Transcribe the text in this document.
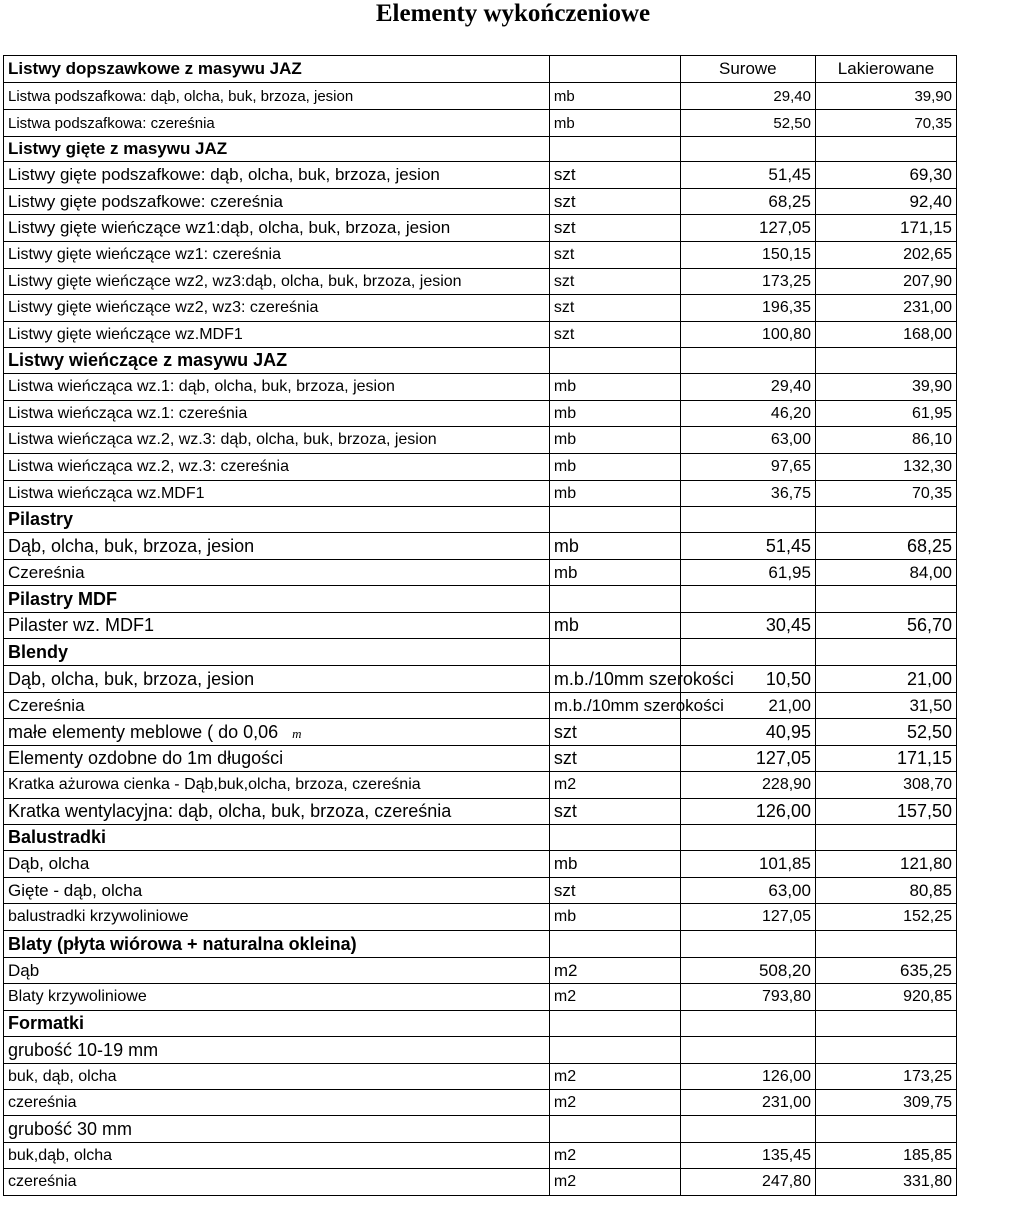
Elementy wykończeniowe
Listwy dopszawkowe z masywu JAZ		Surowe	Lakierowane
Listwa podszafkowa: dąb, olcha, buk, brzoza, jesion	mb	29,40	39,90
Listwa podszafkowa: czereśnia	mb	52,50	70,35
Listwy gięte z masywu JAZ			
Listwy gięte podszafkowe: dąb, olcha, buk, brzoza, jesion	szt	51,45	69,30
Listwy gięte podszafkowe: czereśnia	szt	68,25	92,40
Listwy gięte wieńczące wz1:dąb, olcha, buk, brzoza, jesion	szt	127,05	171,15
Listwy gięte wieńczące wz1: czereśnia	szt	150,15	202,65
Listwy gięte wieńczące wz2, wz3:dąb, olcha, buk, brzoza, jesion	szt	173,25	207,90
Listwy gięte wieńczące wz2, wz3: czereśnia	szt	196,35	231,00
Listwy gięte wieńczące wz.MDF1	szt	100,80	168,00
Listwy wieńczące z masywu JAZ			
Listwa wieńcząca wz.1: dąb, olcha, buk, brzoza, jesion	mb	29,40	39,90
Listwa wieńcząca wz.1: czereśnia	mb	46,20	61,95
Listwa wieńcząca wz.2, wz.3: dąb, olcha, buk, brzoza, jesion	mb	63,00	86,10
Listwa wieńcząca wz.2, wz.3: czereśnia	mb	97,65	132,30
Listwa wieńcząca wz.MDF1	mb	36,75	70,35
Pilastry			
Dąb, olcha, buk, brzoza, jesion	mb	51,45	68,25
Czereśnia	mb	61,95	84,00
Pilastry MDF			
Pilaster wz. MDF1	mb	30,45	56,70
Blendy			
Dąb, olcha, buk, brzoza, jesion	m.b./10mm szerokości	10,50	21,00
Czereśnia	m.b./10mm szerokości	21,00	31,50
małe elementy meblowe ( do 0,06 m	szt	40,95	52,50
Elementy ozdobne do 1m długości	szt	127,05	171,15
Kratka ażurowa cienka - Dąb,buk,olcha, brzoza, czereśnia	m2	228,90	308,70
Kratka wentylacyjna: dąb, olcha, buk, brzoza, czereśnia	szt	126,00	157,50
Balustradki			
Dąb, olcha	mb	101,85	121,80
Gięte - dąb, olcha	szt	63,00	80,85
balustradki krzywoliniowe	mb	127,05	152,25
Blaty (płyta wiórowa + naturalna okleina)			
Dąb	m2	508,20	635,25
Blaty krzywoliniowe	m2	793,80	920,85
Formatki			
grubość 10-19 mm			
buk, dąb, olcha	m2	126,00	173,25
czereśnia	m2	231,00	309,75
grubość 30 mm			
buk,dąb, olcha	m2	135,45	185,85
czereśnia	m2	247,80	331,80
